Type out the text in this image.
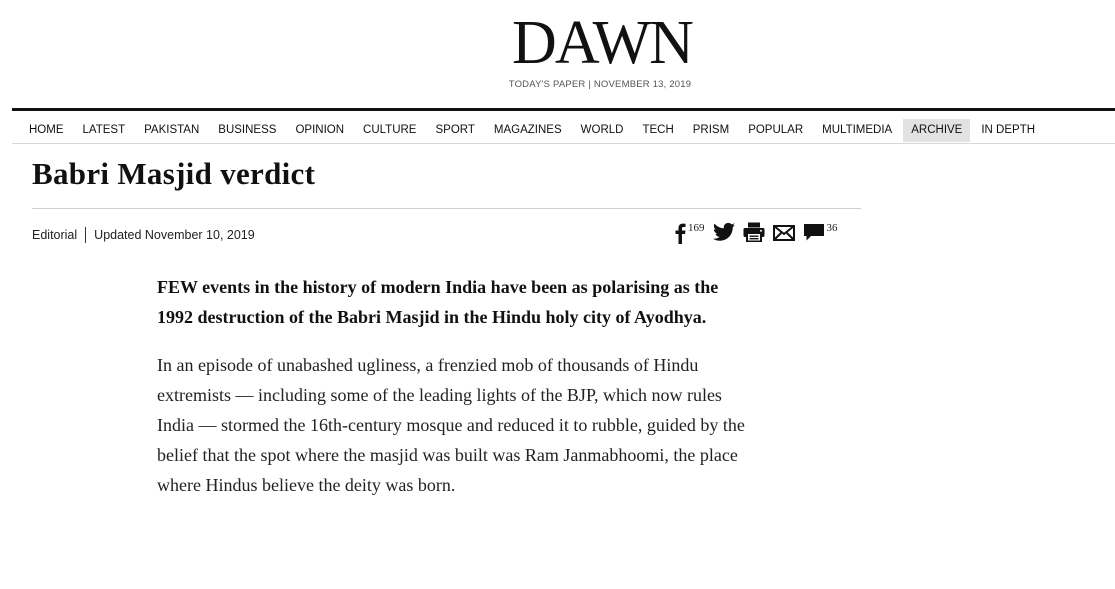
DAWN
TODAY'S PAPER | NOVEMBER 13, 2019
HOME	LATEST	PAKISTAN	BUSINESS	OPINION	CULTURE	SPORT	MAGAZINES	WORLD	TECH	PRISM	POPULAR	MULTIMEDIA	ARCHIVE	IN DEPTH
Babri Masjid verdict
Editorial Updated November 10, 2019	169	36

FEW events in the history of modern India have been as polarising as the 1992 destruction of the Babri Masjid in the Hindu holy city of Ayodhya.

In an episode of unabashed ugliness, a frenzied mob of thousands of Hindu extremists — including some of the leading lights of the BJP, which now rules India — stormed the 16th-century mosque and reduced it to rubble, guided by the belief that the spot where the masjid was built was Ram Janmabhoomi, the place where Hindus believe the deity was born.
